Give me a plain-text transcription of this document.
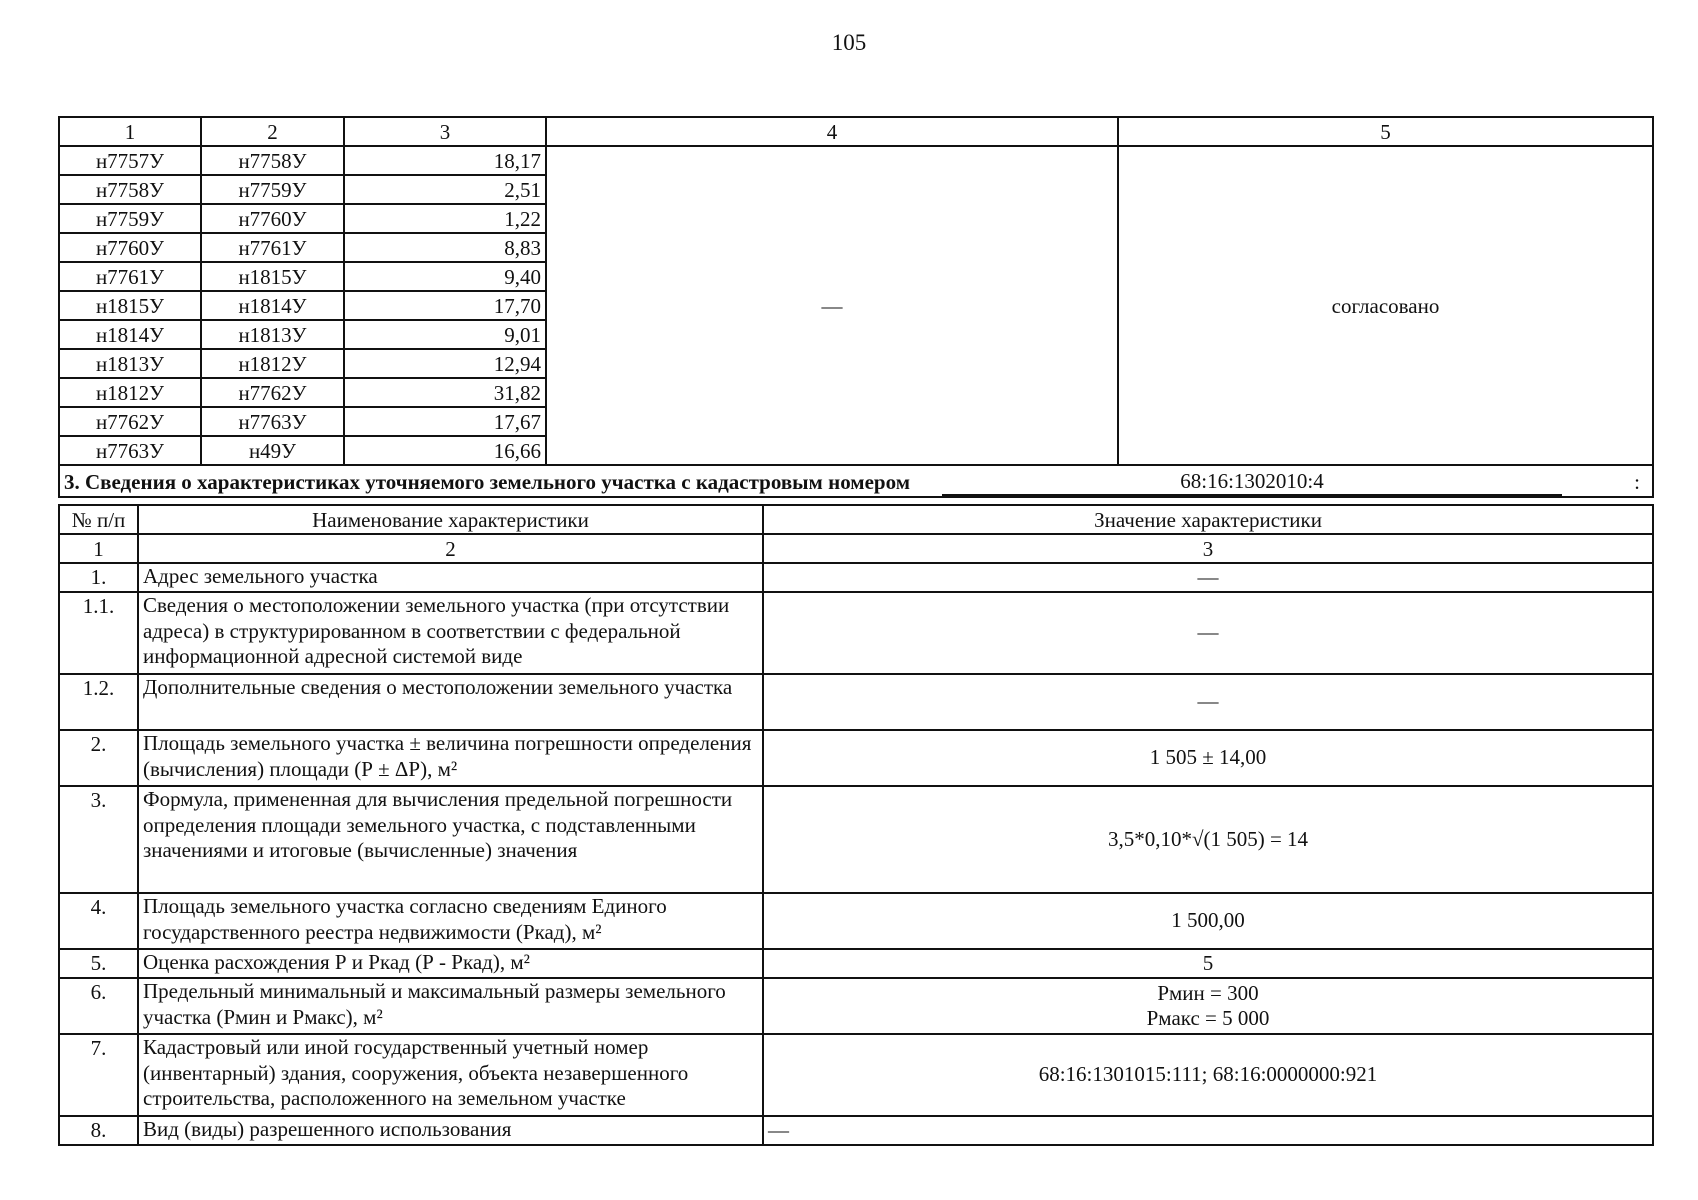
105
1	2	3	4	5
н7757У	н7758У	18,17	—	согласовано
н7758У	н7759У	2,51		
н7759У	н7760У	1,22		
н7760У	н7761У	8,83		
н7761У	н1815У	9,40		
н1815У	н1814У	17,70		
н1814У	н1813У	9,01		
н1813У	н1812У	12,94		
н1812У	н7762У	31,82		
н7762У	н7763У	17,67		
н7763У	н49У	16,66		

3. Сведения о характеристиках уточняемого земельного участка с кадастровым номером 68:16:1302010:4 :				
№ п/п	Наименование характеристики	Значение характеристики
1	2	3
1.	Адрес земельного участка	—
1.1.	Сведения о местоположении земельного участка (при отсутствии адреса) в структурированном в соответствии с федеральной информационной адресной системой виде	—
1.2.	Дополнительные сведения о местоположении земельного участка	—
2.	Площадь земельного участка ± величина погрешности определения (вычисления) площади (Р ± ΔР), м²	1 505 ± 14,00
3.	Формула, примененная для вычисления предельной погрешности определения площади земельного участка, с подставленными значениями и итоговые (вычисленные) значения	3,5*0,10*√(1 505) = 14
4.	Площадь земельного участка согласно сведениям Единого государственного реестра недвижимости (Ркад), м²	1 500,00
5.	Оценка расхождения Р и Ркад (Р - Ркад), м²	5
6.	Предельный минимальный и максимальный размеры земельного участка (Рмин и Рмакс), м²	Рмин = 300
Рмакс = 5 000

7.	Кадастровый или иной государственный учетный номер (инвентарный) здания, сооружения, объекта незавершенного строительства, расположенного на земельном участке	68:16:1301015:111; 68:16:0000000:921
8.	Вид (виды) разрешенного использования	—
